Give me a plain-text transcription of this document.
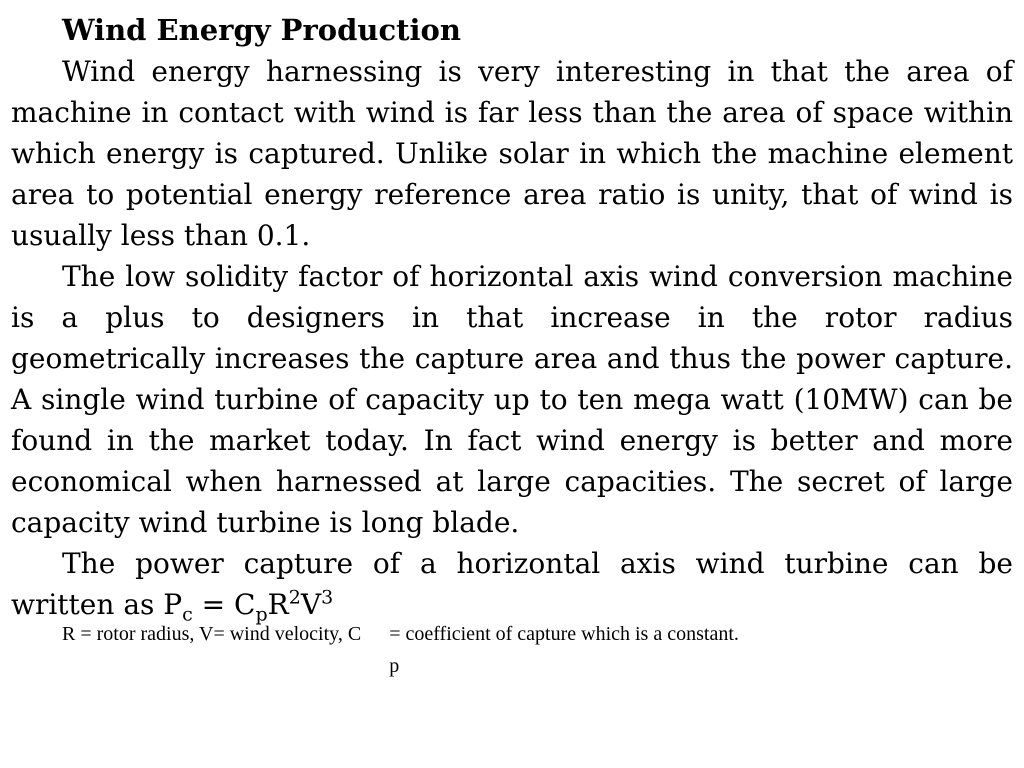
Wind Energy Production

Wind energy harnessing is very interesting in that the area of machine in contact with wind is far less than the area of space within which energy is captured. Unlike solar in which the machine element area to potential energy reference area ratio is unity, that of wind is usually less than 0.1.

The low solidity factor of horizontal axis wind conversion machine is a plus to designers in that increase in the rotor radius geometrically increases the capture area and thus the power capture. A single wind turbine of capacity up to ten mega watt (10MW) can be found in the market today. In fact wind energy is better and more economical when harnessed at large capacities. The secret of large capacity wind turbine is long blade.

The power capture of a horizontal axis wind turbine can be written as $P_c = C_pR^2V^3$

R = rotor radius, V= wind velocity, C
p
= coefficient of capture which is a constant.
